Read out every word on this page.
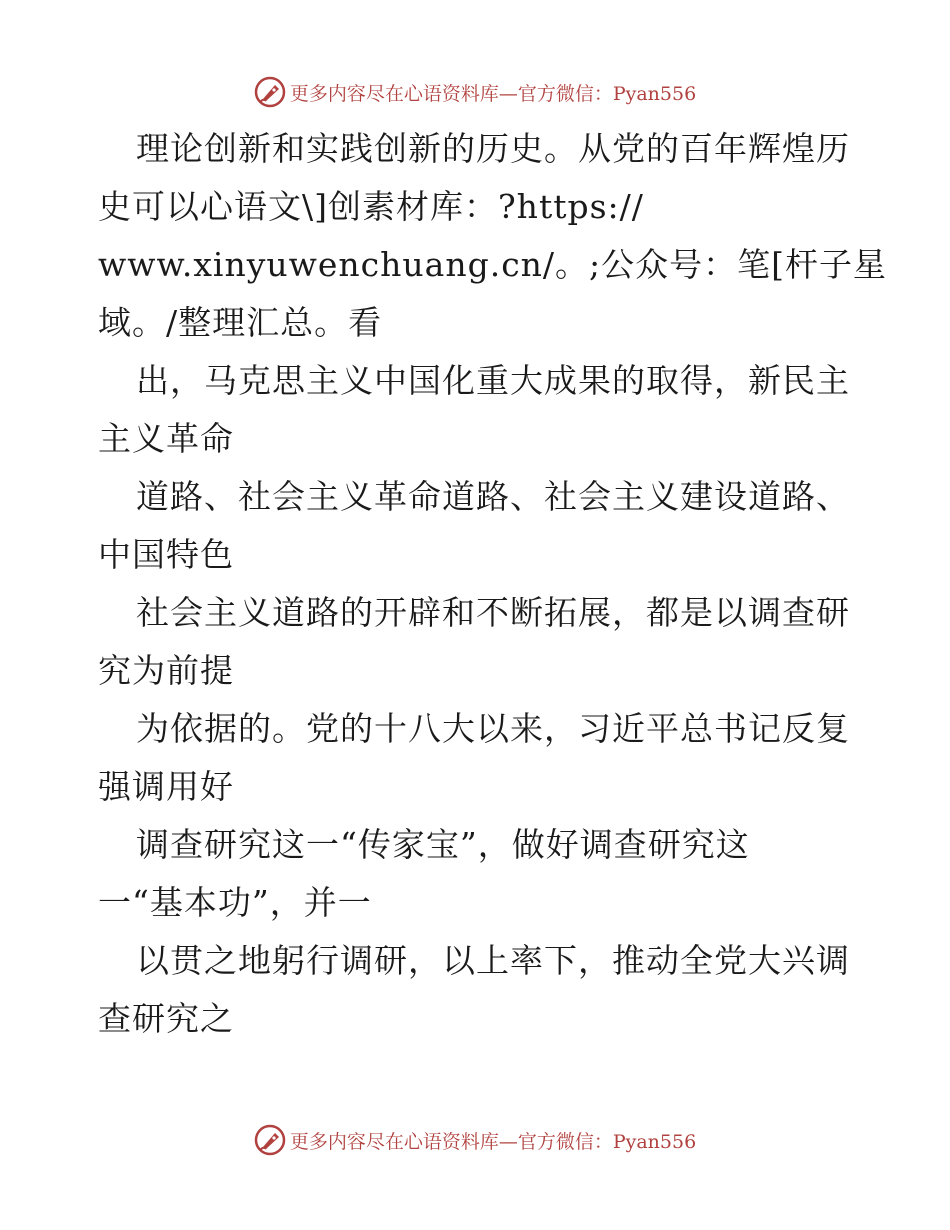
更多内容尽在心语资料库—官方微信：Pyan556
理论创新和实践创新的历史。从党的百年辉煌历
史可以心语文\]创素材库：?https://
www.xinyuwenchuang.cn/。;公众号：笔[杆子星
域。/整理汇总。看
出，马克思主义中国化重大成果的取得，新民主
主义革命
道路、社会主义革命道路、社会主义建设道路、
中国特色
社会主义道路的开辟和不断拓展，都是以调查研
究为前提
为依据的。党的十八大以来，习近平总书记反复
强调用好
调查研究这一“传家宝”，做好调查研究这
一“基本功”，并一
以贯之地躬行调研，以上率下，推动全党大兴调
查研究之
更多内容尽在心语资料库—官方微信：Pyan556
